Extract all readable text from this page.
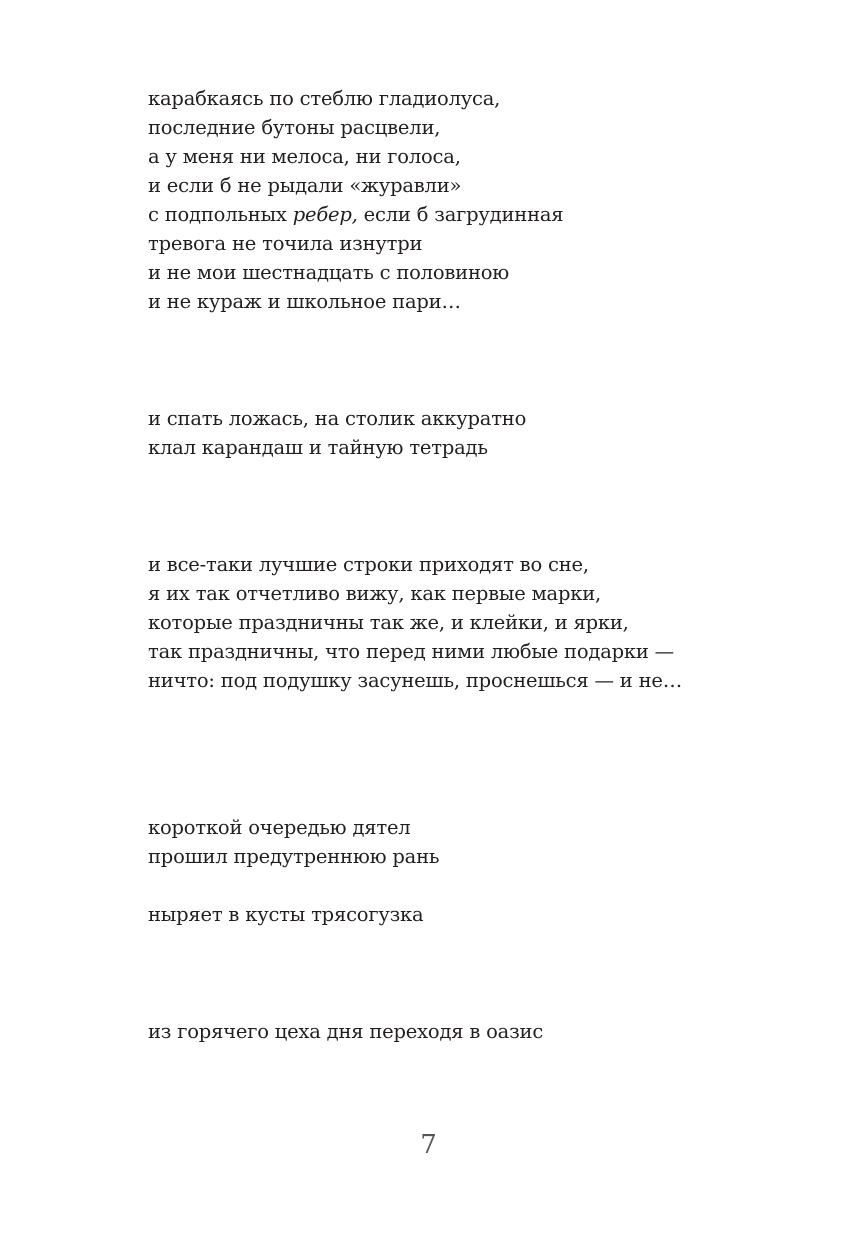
карабкаясь по стеблю гладиолуса,
последние бутоны расцвели,
а у меня ни мелоса, ни голоса,
и если б не рыдали «журавли»
с подпольных ребер, если б загрудинная
тревога не точила изнутри
и не мои шестнадцать с половиною
и не кураж и школьное пари…
и спать ложась, на столик аккуратно
клал карандаш и тайную тетрадь
и все-таки лучшие строки приходят во сне,
я их так отчетливо вижу, как первые марки,
которые праздничны так же, и клейки, и ярки,
так праздничны, что перед ними любые подарки —
ничто: под подушку засунешь, проснешься — и не…
короткой очередью дятел
прошил предутреннюю рань
ныряет в кусты трясогузка
из горячего цеха дня переходя в оазис
7
